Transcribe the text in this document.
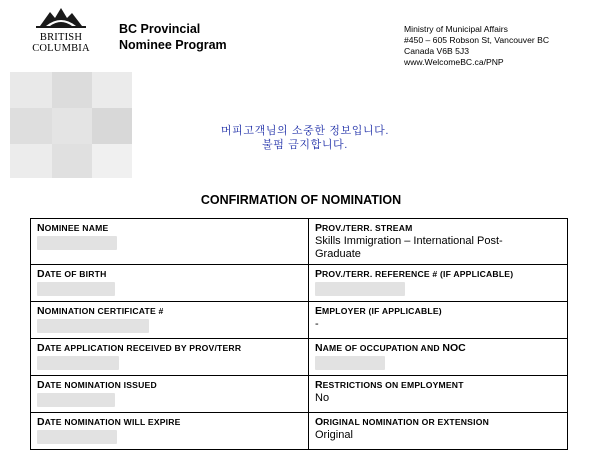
BRITISH
COLUMBIA
BC Provincial
Nominee Program
Ministry of Municipal Affairs
#450 – 605 Robson St, Vancouver BC
Canada V6B 5J3
www.WelcomeBC.ca/PNP
머피고객님의 소중한 정보입니다.
불펌 금지합니다.
CONFIRMATION OF NOMINATION
NOMINEE NAME	PROV./TERR. STREAM
Skills Immigration – International Post-
Graduate

DATE OF BIRTH	PROV./TERR. REFERENCE # (IF APPLICABLE)

NOMINATION CERTIFICATE #	EMPLOYER (IF APPLICABLE)
-

DATE APPLICATION RECEIVED BY PROV/TERR	NAME OF OCCUPATION AND NOC

DATE NOMINATION ISSUED	RESTRICTIONS ON EMPLOYMENT
No

DATE NOMINATION WILL EXPIRE	ORIGINAL NOMINATION OR EXTENSION
Original
